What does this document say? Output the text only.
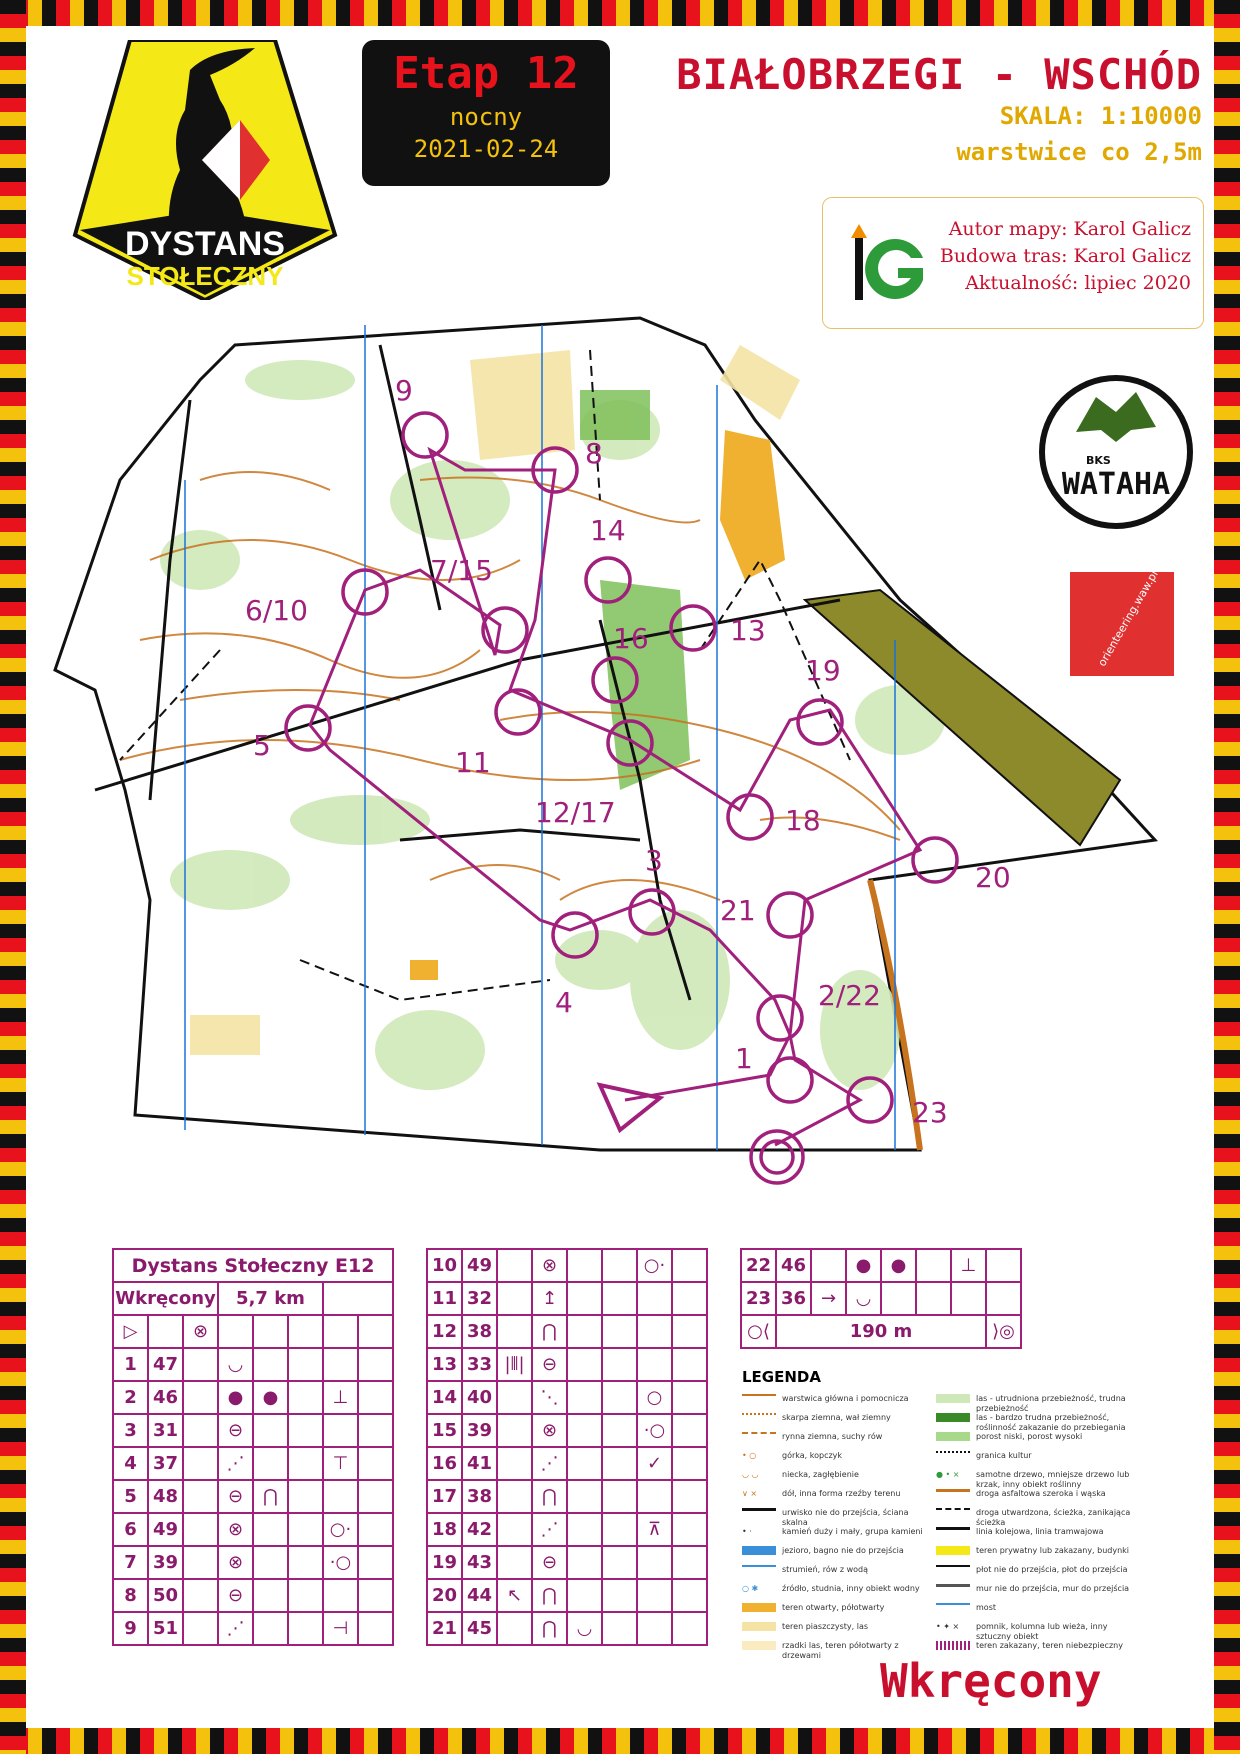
DYSTANS
STOŁECZNY
Etap 12
nocny
2021-02-24
BIAŁOBRZEGI - WSCHÓD
SKALA: 1:10000
warstwice co 2,5m
Autor mapy: Karol Galicz
Budowa tras: Karol Galicz
Aktualność: lipiec 2020
BKS
WATAHA
orienteering.waw.pl
9
8
14
7/15
6/10
16	13
19
5
11
12/17	18
3
20
21
4	2/22
1
23
Dystans Stołeczny E12							
Wkręcony			5,7 km				
▷		⊗					
1	47		◡				
2	46		●	●		⊥	
3	31		⊖				
4	37		⋰			⊤	
5	48		⊖	⋂			
6	49		⊗			○·	
7	39		⊗			·○	
8	50		⊖				
9	51		⋰			⊣	
10	49		⊗			○·	
11	32		↥				
12	38		⋂				
13	33	|⦀|	⊖				
14	40		⋱			○	
15	39		⊗			·○	
16	41		⋰			✓	
17	38		⋂				
18	42		⋰			⊼	
19	43		⊖				
20	44	↖	⋂				
21	45		⋂	◡			
22	46		●	●		⊥	
23	36	→	◡				
○⟨	190 m						⟩◎
LEGENDA
warstwica główna i pomocnicza
skarpa ziemna, wał ziemny
rynna ziemna, suchy rów
• ○	górka, kopczyk
◡ ◡	niecka, zagłębienie
∨ ×	dół, inna forma rzeźby terenu
urwisko nie do przejścia, ściana skalna
• ·	kamień duży i mały, grupa kamieni
jezioro, bagno nie do przejścia
strumień, rów z wodą
○ ✱	źródło, studnia, inny obiekt wodny
teren otwarty, półotwarty
teren piaszczysty, las
rzadki las, teren półotwarty z drzewami
las - utrudniona przebieżność, trudna przebieżność
las - bardzo trudna przebieżność, roślinność zakazanie do przebiegania
porost niski, porost wysoki
granica kultur
● • ×	samotne drzewo, mniejsze drzewo lub krzak, inny obiekt roślinny
droga asfaltowa szeroka i wąska
droga utwardzona, ścieżka, zanikająca ścieżka
linia kolejowa, linia tramwajowa
teren prywatny lub zakazany, budynki
płot nie do przejścia, płot do przejścia
mur nie do przejścia, mur do przejścia
most
• ✦ ×	pomnik, kolumna lub wieża, inny sztuczny obiekt
teren zakazany, teren niebezpieczny
Wkręcony
